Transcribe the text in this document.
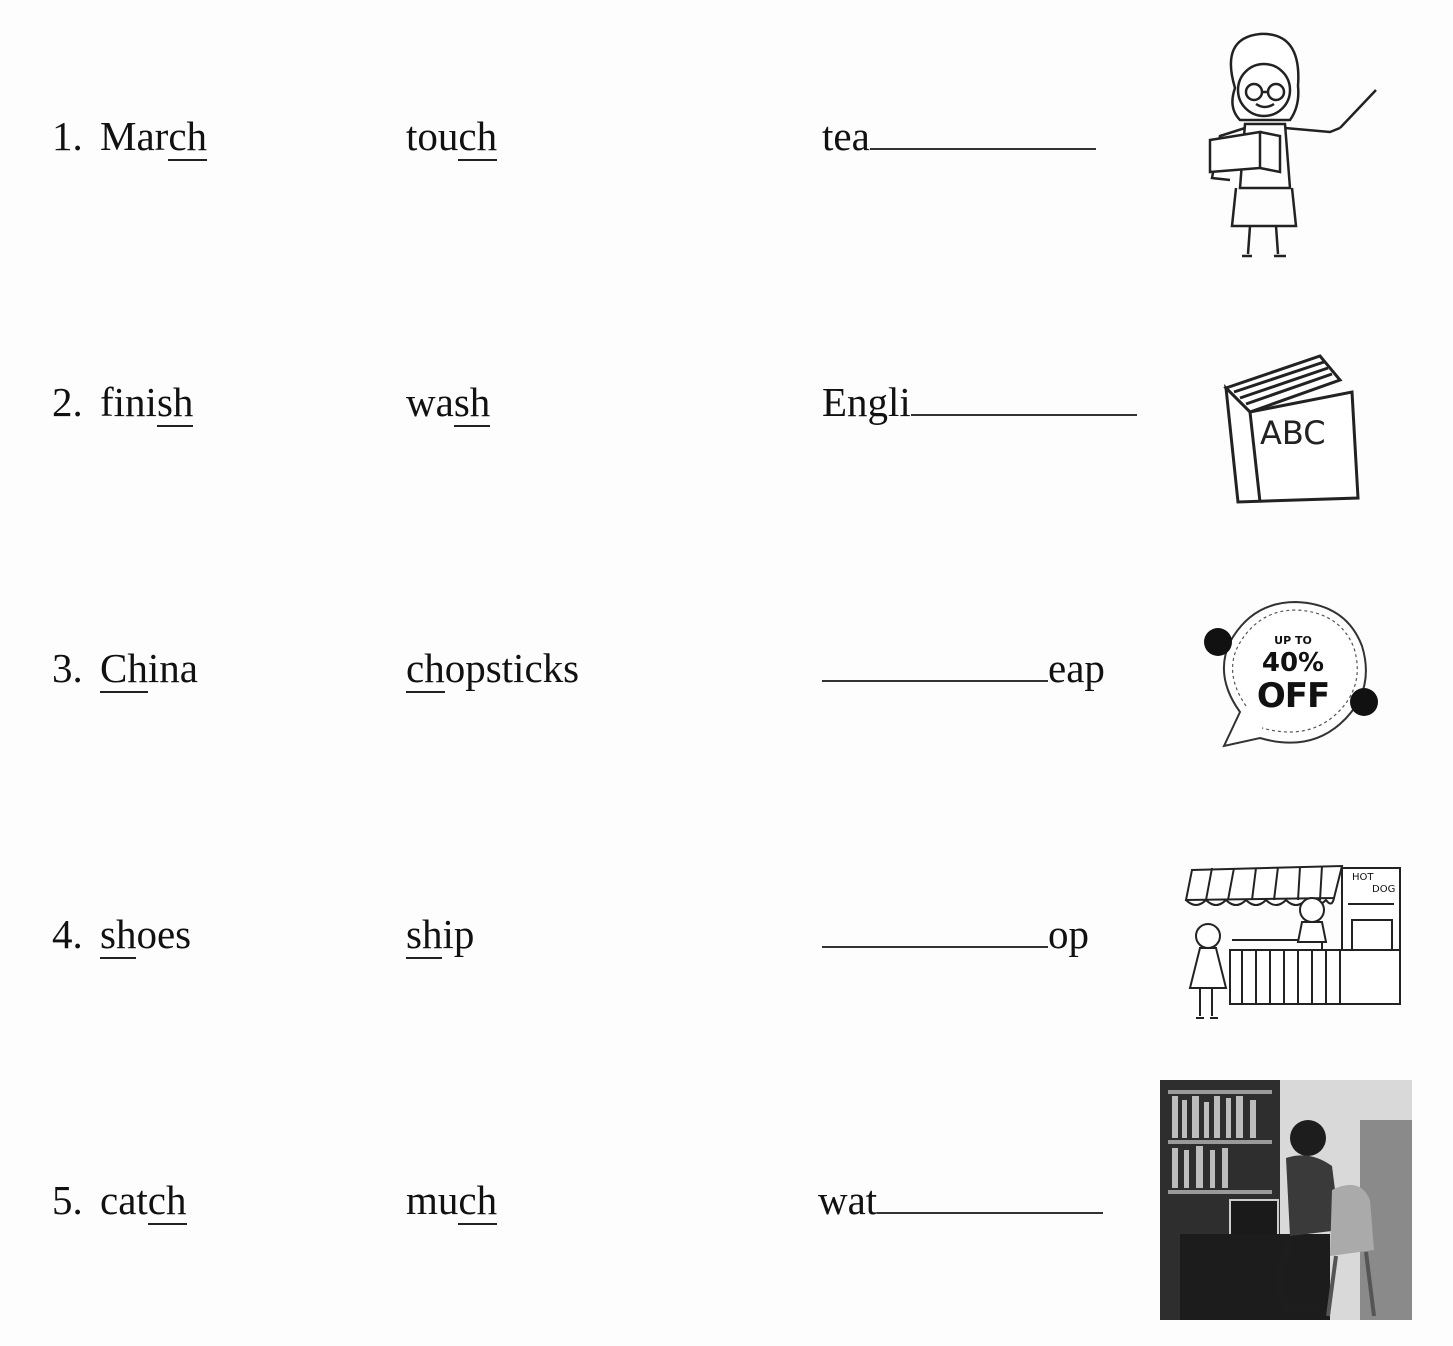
1. March	touch	tea
2. finish	wash	Engli
ABC
3. China	chopsticks	eap
UP TO
40%
OFF
4. shoes	ship	op
HOT
DOG
5. catch	much	wat
